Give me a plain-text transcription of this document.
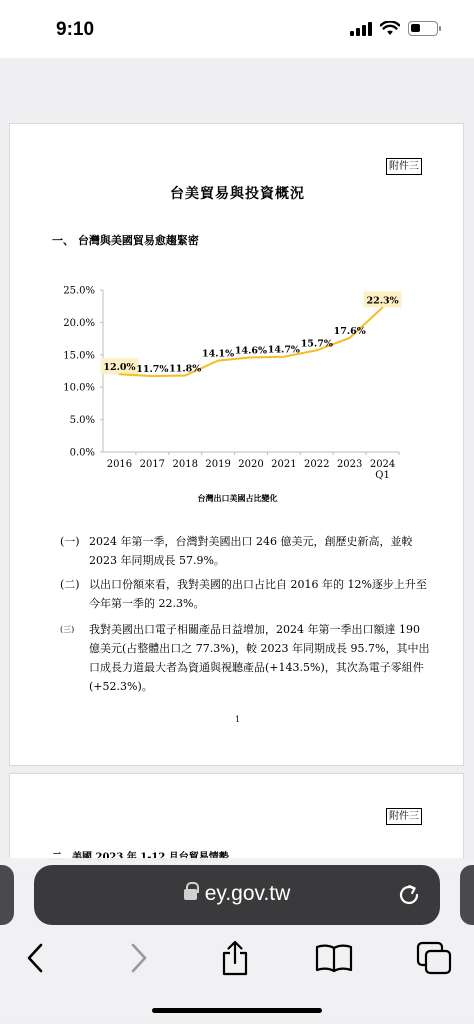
9:10
附件三
台美貿易與投資概況
一、 台灣與美國貿易愈趨緊密
0.0%
5.0%
10.0%
15.0%
20.0%
25.0%
2016 2017 2018 2019 2020 2021 2022 2023 2024
Q1
12.0% 11.7% 11.8%
14.1% 14.6% 14.7%
15.7%
17.6%
22.3%
台灣出口美國占比變化
(一) 2024 年第一季，台灣對美國出口 246 億美元，創歷史新高，並較 2023 年同期成長 57.9%。
(二) 以出口份額來看，我對美國的出口占比自 2016 年的 12%逐步上升至今年第一季的 22.3%。
(三)	我對美國出口電子相關產品日益增加，2024 年第一季出口額達 190 億美元(占整體出口之 77.3%)，較 2023 年同期成長 95.7%，其中出口成長力道最大者為資通與視聽產品(+143.5%)，其次為電子零組件(+52.3%)。
1
附件三
ey.gov.tw
